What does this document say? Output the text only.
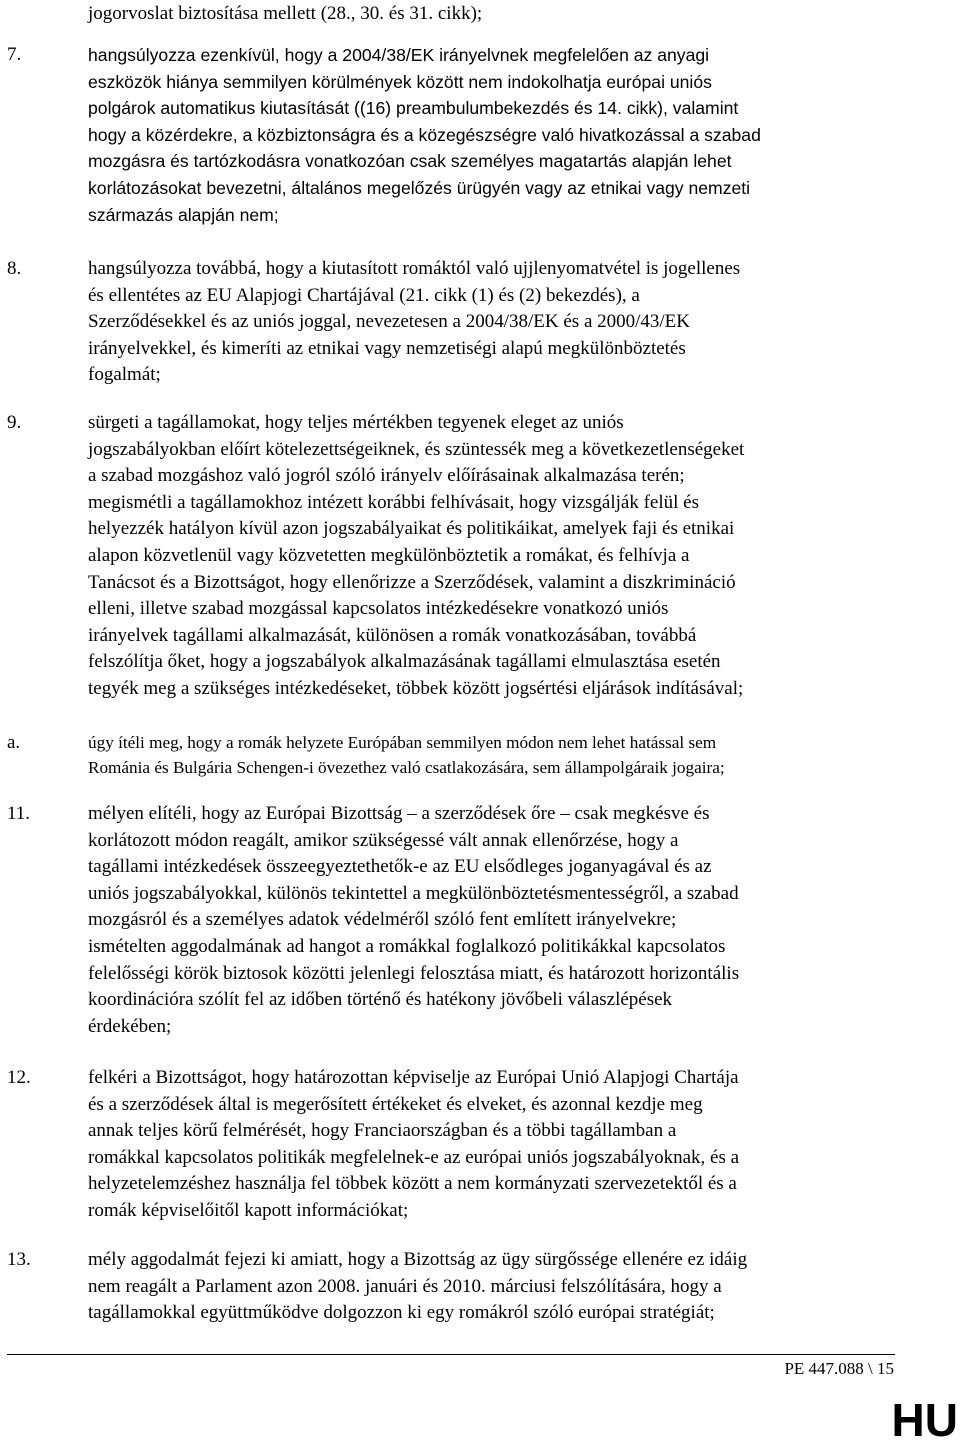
jogorvoslat biztosítása mellett (28., 30. és 31. cikk);
7.	hangsúlyozza ezenkívül, hogy a 2004/38/EK irányelvnek megfelelően az anyagi
eszközök hiánya semmilyen körülmények között nem indokolhatja európai uniós
polgárok automatikus kiutasítását ((16) preambulumbekezdés és 14. cikk), valamint
hogy a közérdekre, a közbiztonságra és a közegészségre való hivatkozással a szabad
mozgásra és tartózkodásra vonatkozóan csak személyes magatartás alapján lehet
korlátozásokat bevezetni, általános megelőzés ürügyén vagy az etnikai vagy nemzeti
származás alapján nem;
8.	hangsúlyozza továbbá, hogy a kiutasított romáktól való ujjlenyomatvétel is jogellenes
és ellentétes az EU Alapjogi Chartájával (21. cikk (1) és (2) bekezdés), a
Szerződésekkel és az uniós joggal, nevezetesen a 2004/38/EK és a 2000/43/EK
irányelvekkel, és kimeríti az etnikai vagy nemzetiségi alapú megkülönböztetés
fogalmát;
9.	sürgeti a tagállamokat, hogy teljes mértékben tegyenek eleget az uniós
jogszabályokban előírt kötelezettségeiknek, és szüntessék meg a következetlenségeket
a szabad mozgáshoz való jogról szóló irányelv előírásainak alkalmazása terén;
megismétli a tagállamokhoz intézett korábbi felhívásait, hogy vizsgálják felül és
helyezzék hatályon kívül azon jogszabályaikat és politikáikat, amelyek faji és etnikai
alapon közvetlenül vagy közvetetten megkülönböztetik a romákat, és felhívja a
Tanácsot és a Bizottságot, hogy ellenőrizze a Szerződések, valamint a diszkrimináció
elleni, illetve szabad mozgással kapcsolatos intézkedésekre vonatkozó uniós
irányelvek tagállami alkalmazását, különösen a romák vonatkozásában, továbbá
felszólítja őket, hogy a jogszabályok alkalmazásának tagállami elmulasztása esetén
tegyék meg a szükséges intézkedéseket, többek között jogsértési eljárások indításával;
a.	úgy ítéli meg, hogy a romák helyzete Európában semmilyen módon nem lehet hatással sem
Románia és Bulgária Schengen-i övezethez való csatlakozására, sem állampolgáraik jogaira;
11.	mélyen elítéli, hogy az Európai Bizottság – a szerződések őre – csak megkésve és
korlátozott módon reagált, amikor szükségessé vált annak ellenőrzése, hogy a
tagállami intézkedések összeegyeztethetők-e az EU elsődleges joganyagával és az
uniós jogszabályokkal, különös tekintettel a megkülönböztetésmentességről, a szabad
mozgásról és a személyes adatok védelméről szóló fent említett irányelvekre;
ismételten aggodalmának ad hangot a romákkal foglalkozó politikákkal kapcsolatos
felelősségi körök biztosok közötti jelenlegi felosztása miatt, és határozott horizontális
koordinációra szólít fel az időben történő és hatékony jövőbeli válaszlépések
érdekében;
12.	felkéri a Bizottságot, hogy határozottan képviselje az Európai Unió Alapjogi Chartája
és a szerződések által is megerősített értékeket és elveket, és azonnal kezdje meg
annak teljes körű felmérését, hogy Franciaországban és a többi tagállamban a
romákkal kapcsolatos politikák megfelelnek-e az európai uniós jogszabályoknak, és a
helyzetelemzéshez használja fel többek között a nem kormányzati szervezetektől és a
romák képviselőitől kapott információkat;
13.	mély aggodalmát fejezi ki amiatt, hogy a Bizottság az ügy sürgőssége ellenére ez idáig
nem reagált a Parlament azon 2008. januári és 2010. márciusi felszólítására, hogy a
tagállamokkal együttműködve dolgozzon ki egy romákról szóló európai stratégiát;
PE 447.088 \ 15
HU
